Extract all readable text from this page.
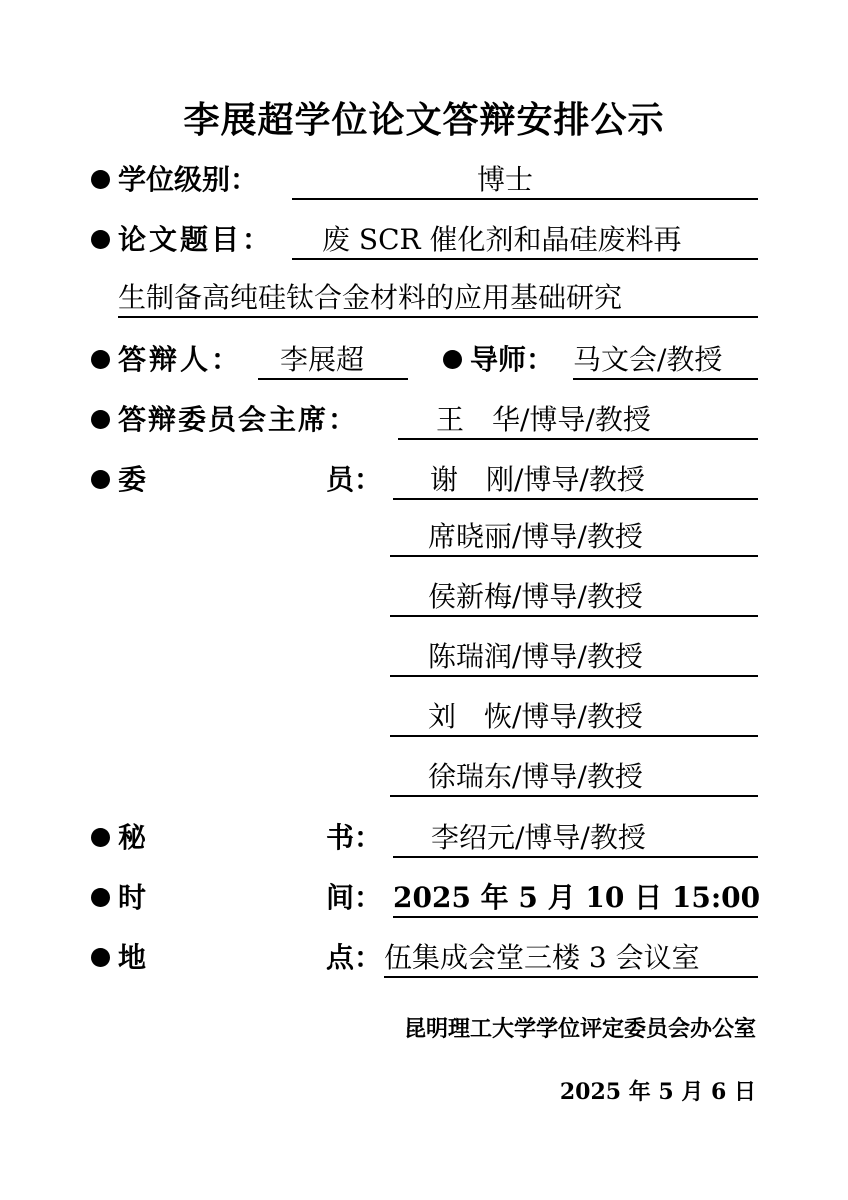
李展超学位论文答辩安排公示
学位级别：	博士
论文题目：	废 SCR 催化剂和晶硅废料再
生制备高纯硅钛合金材料的应用基础研究
答辩人：	李展超	导师： 马文会/教授
答辩委员会主席：	王　华/博导/教授
委	员：	谢　刚/博导/教授
席晓丽/博导/教授
侯新梅/博导/教授
陈瑞润/博导/教授
刘　恢/博导/教授
徐瑞东/博导/教授
秘	书：	李绍元/博导/教授
时	间： 2025 年 5 月 10 日 15:00
地	点： 伍集成会堂三楼 3 会议室
昆明理工大学学位评定委员会办公室
2025 年 5 月 6 日
